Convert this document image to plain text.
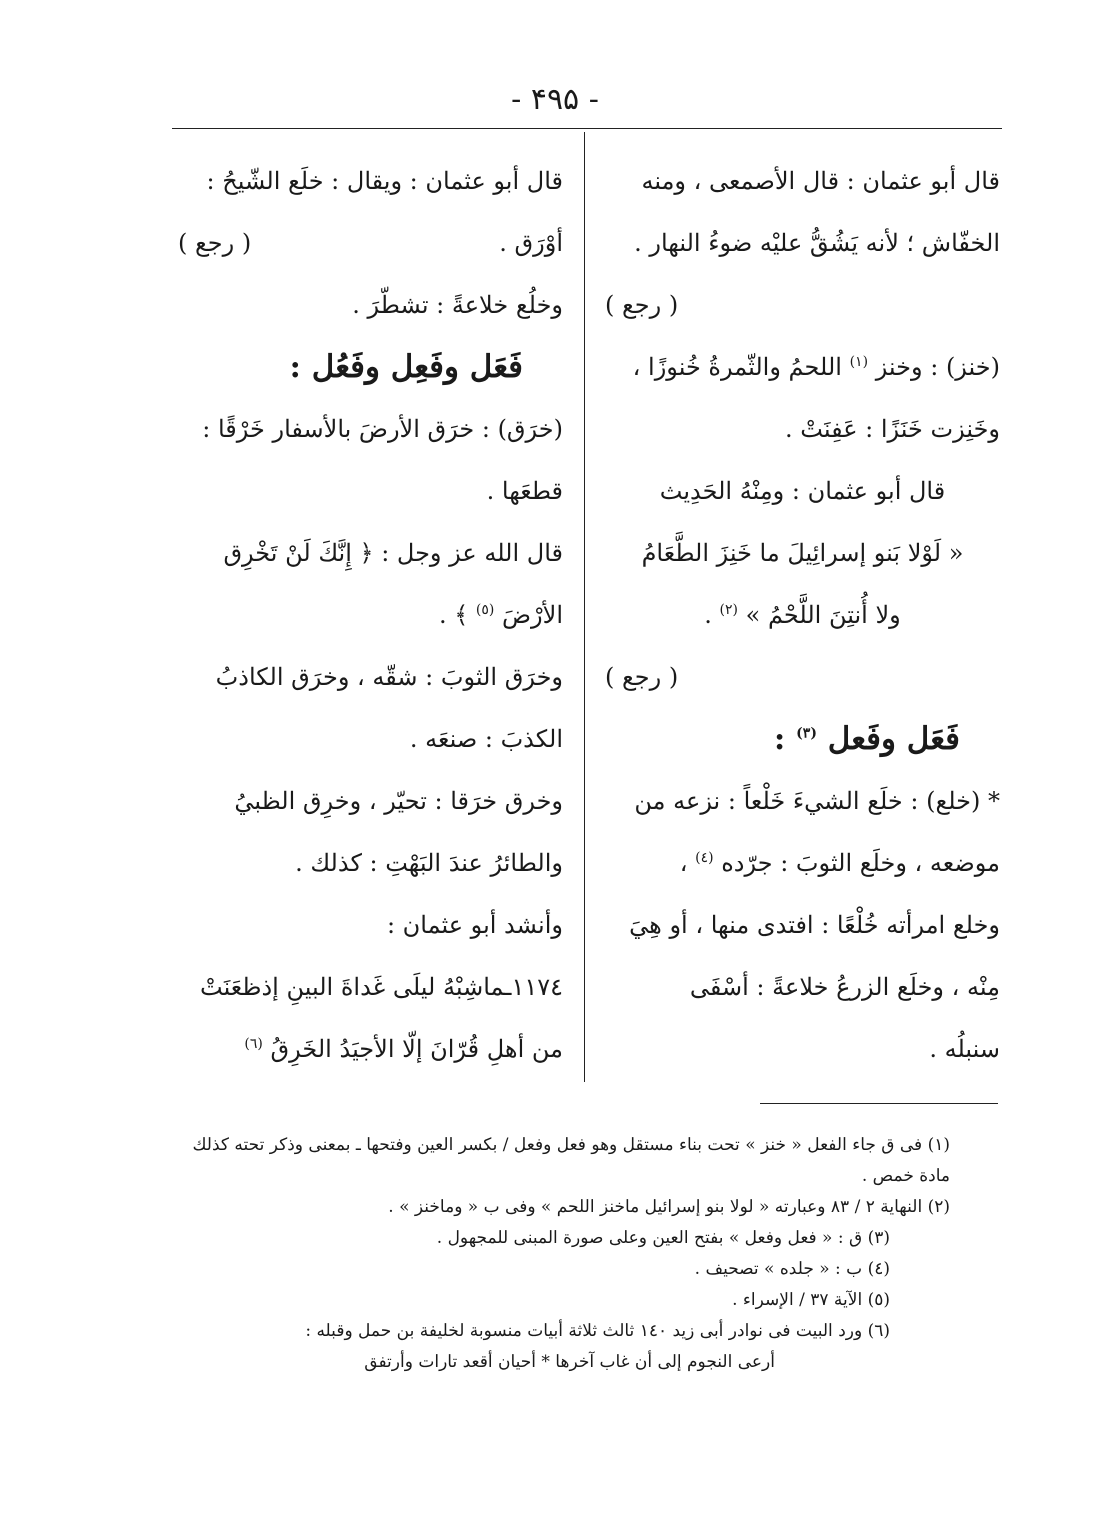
- ۴۹۵ -

قال أبو عثمان : قال الأصمعى ، ومنه

الخفّاش ؛ لأنه يَشُقُّ عليْه ضوءُ النهار .

( رجع )

(خنز) : وخنز $^{(١)}$ اللحمُ والثّمرةُ خُنوزًا ،

وخَنِزت خَنَزًا : عَفِنَتْ .

قال أبو عثمان : ومِنْهُ الحَدِيث

« لَوْلا بَنو إسرائِيلَ ما خَنِزَ الطَّعَامُ

ولا أُنتِنَ اللَّحْمُ » $^{(٢)}$ .

( رجع )

فَعَل وفَعل $^{(٣)}$ :

* (خلع) : خلَع الشيءَ خَلْعاً : نزعه من

موضعه ، وخلَع الثوبَ : جرّده $^{(٤)}$ ،

وخلع امرأته خُلْعًا : افتدى منها ، أو هِيَ

مِنْه ، وخلَع الزرعُ خلاعةً : أسْفَى

سنبلُه .

قال أبو عثمان : ويقال : خلَع الشّيحُ :

أوْرَق .
( رجع )

وخلُع خلاعةً : تشطّرَ .

فَعَل وفَعِل وفَعُل :

(خرَق) : خرَق الأرضَ بالأسفار خَرْقًا :

قطعَها .

قال الله عز وجل : ﴿ إِنَّكَ لَنْ تَخْرِق

الأرْضَ $^{(٥)}$ ﴾ .

وخرَق الثوبَ : شقّه ، وخرَق الكاذبُ

الكذبَ : صنعَه .

وخرق خرَقا : تحيّر ، وخرِق الظبيُ

والطائرُ عندَ البَهْتِ : كذلك .

وأنشد أبو عثمان :

١١٧٤ـماشِبْهُ ليلَى غَداةَ البينِ إذظعَنَتْ

من أهلِ قُرّانَ إلّا الأجيَدُ الخَرِقُ $^{(٦)}$

(١) فى ق جاء الفعل « خنز » تحت بناء مستقل وهو فعل وفعل / بكسر العين وفتحها ـ بمعنى وذكر تحته كذلك مادة خمص .

(٢) النهاية ٢ / ٨٣ وعبارته « لولا بنو إسرائيل ماخنز اللحم » وفى ب « وماخنز » .

(٣) ق : « فعل وفعل » بفتح العين وعلى صورة المبنى للمجهول .

(٤) ب : « جلده » تصحيف .

(٥) الآية ٣٧ / الإسراء .

(٦) ورد البيت فى نوادر أبى زيد ١٤٠ ثالث ثلاثة أبيات منسوبة لخليفة بن حمل وقبله :

أرعى النجوم إلى أن غاب آخرها * أحيان أقعد تارات وأرتفق
